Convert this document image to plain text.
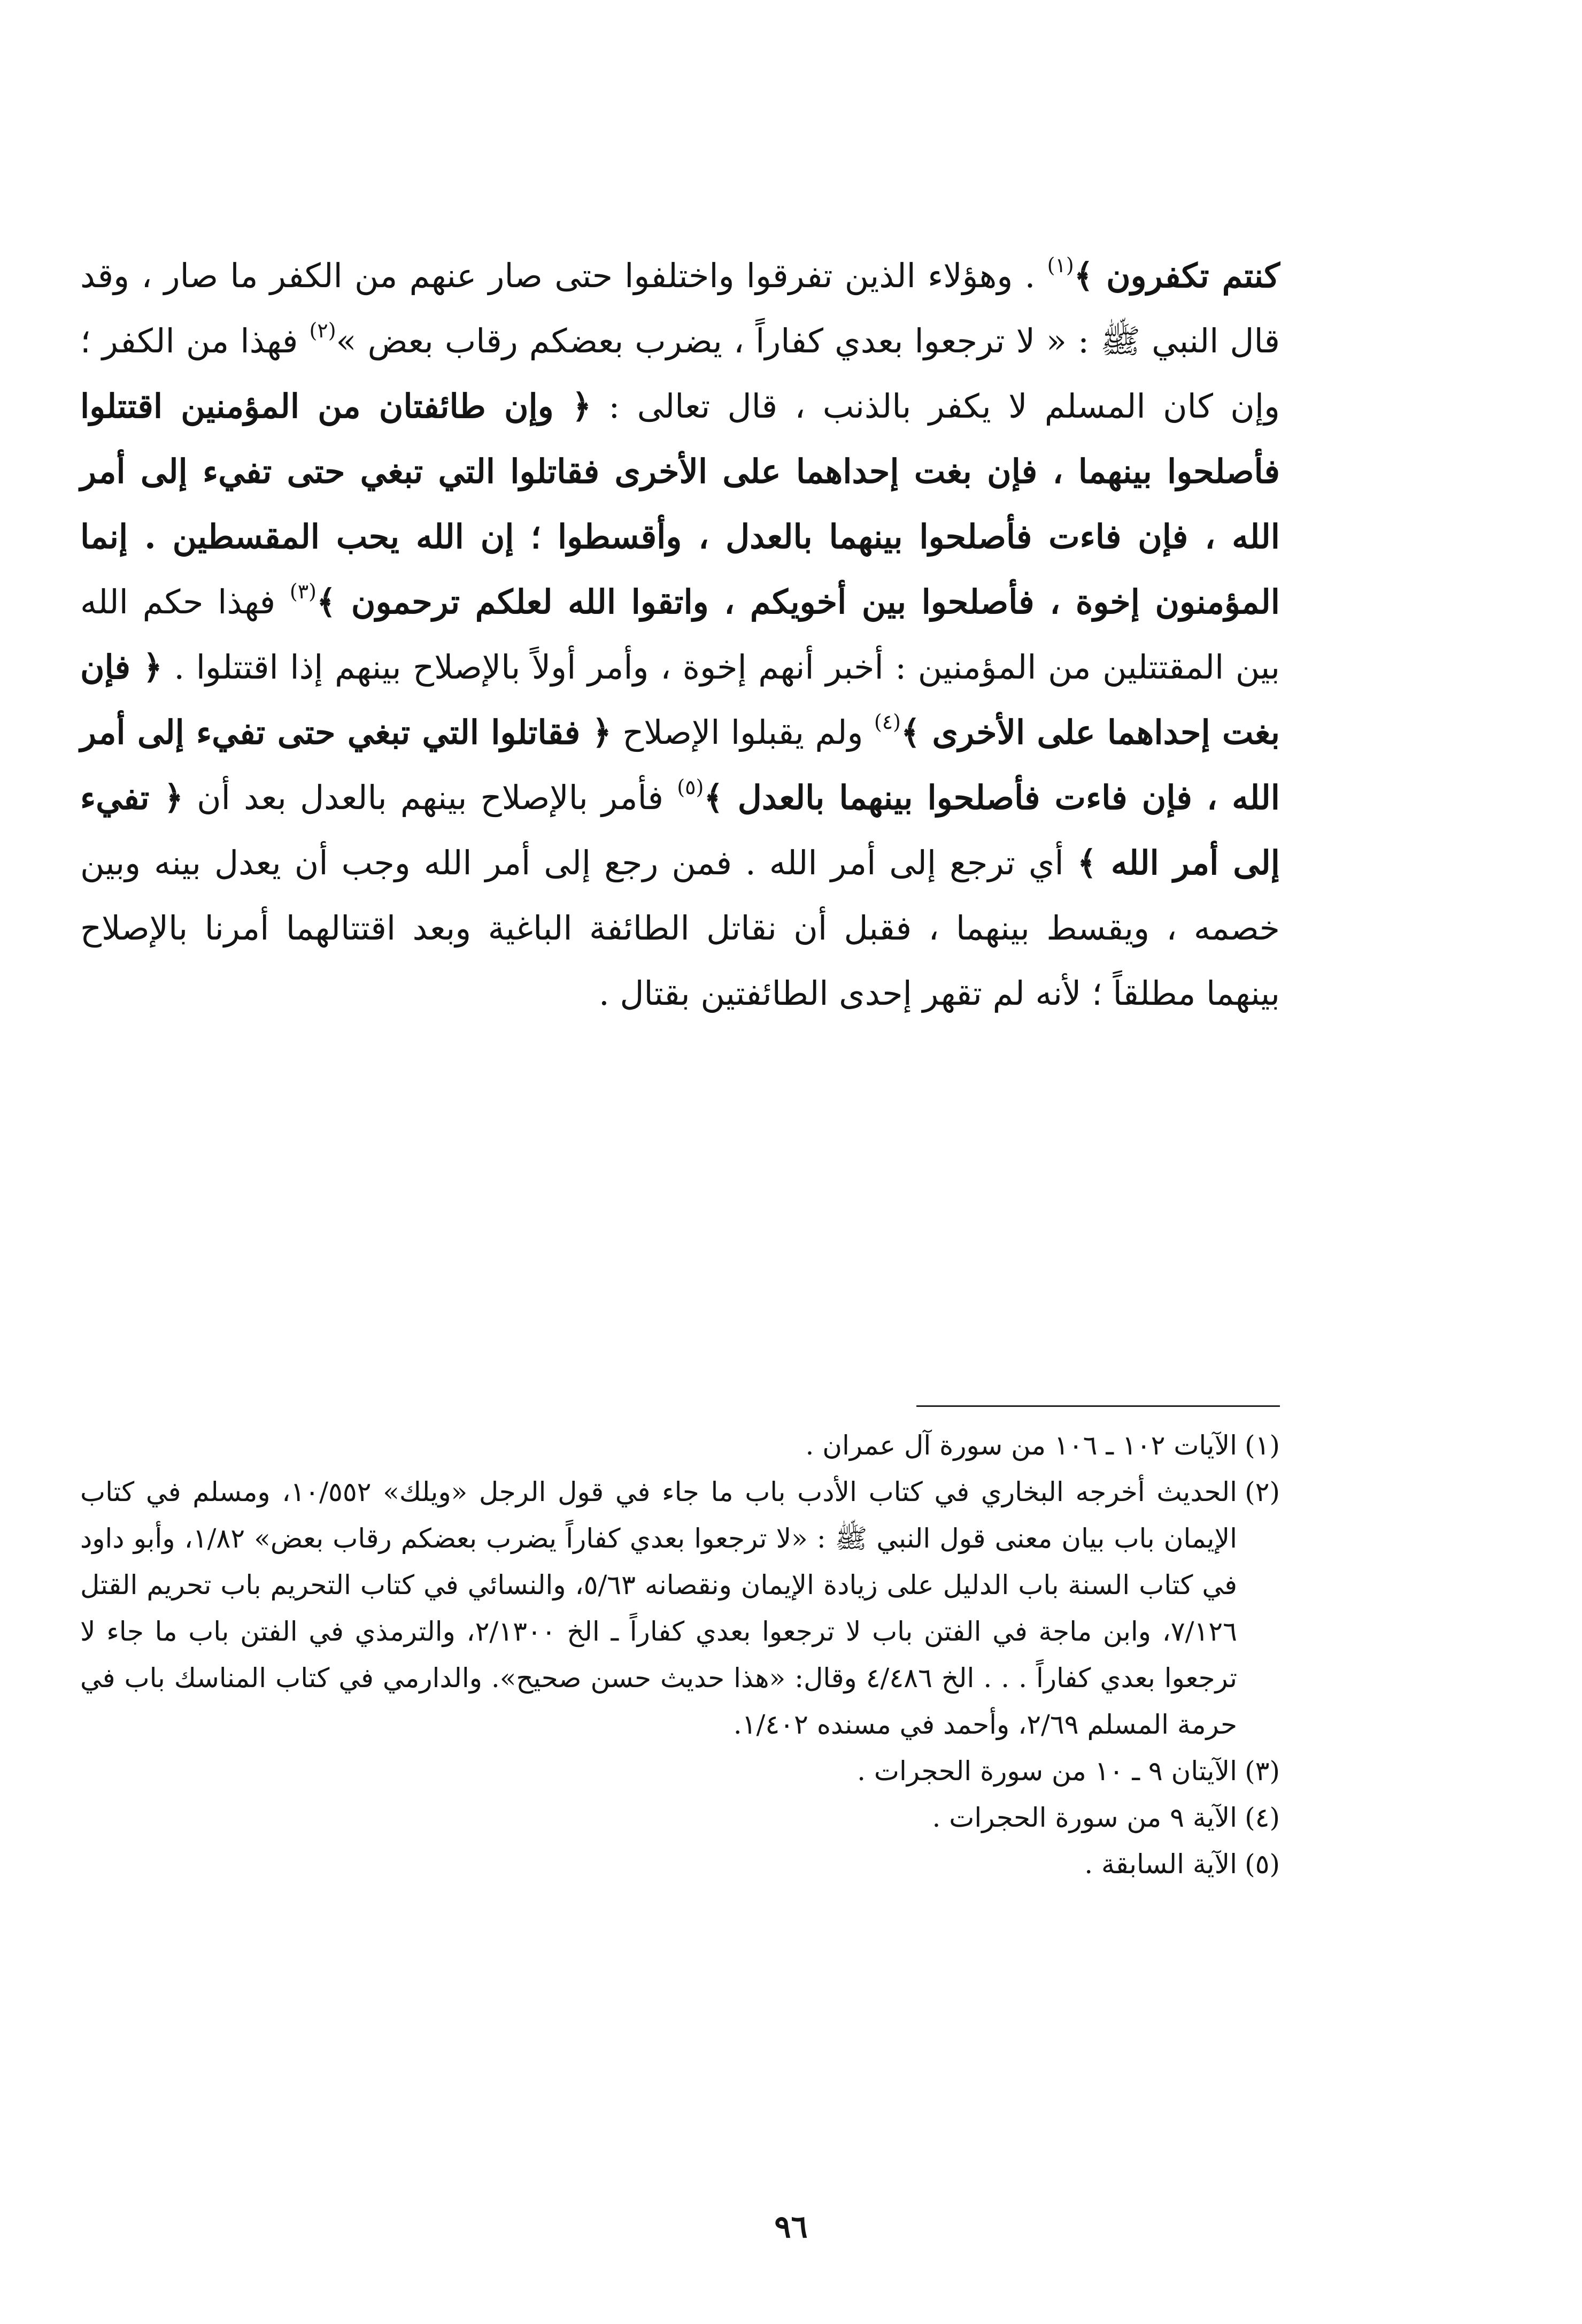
كنتم تكفرون ﴾$^{(١)}$ . وهؤلاء الذين تفرقوا واختلفوا حتى صار عنهم من الكفر ما صار ، وقد قال النبي ﷺ : « لا ترجعوا بعدي كفاراً ، يضرب بعضكم رقاب بعض »$^{(٢)}$ فهذا من الكفر ؛ وإن كان المسلم لا يكفر بالذنب ، قال تعالى : ﴿ وإن طائفتان من المؤمنين اقتتلوا فأصلحوا بينهما ، فإن بغت إحداهما على الأخرى فقاتلوا التي تبغي حتى تفيء إلى أمر الله ، فإن فاءت فأصلحوا بينهما بالعدل ، وأقسطوا ؛ إن الله يحب المقسطين . إنما المؤمنون إخوة ، فأصلحوا بين أخويكم ، واتقوا الله لعلكم ترحمون ﴾$^{(٣)}$ فهذا حكم الله بين المقتتلين من المؤمنين : أخبر أنهم إخوة ، وأمر أولاً بالإصلاح بينهم إذا اقتتلوا . ﴿ فإن بغت إحداهما على الأخرى ﴾$^{(٤)}$ ولم يقبلوا الإصلاح ﴿ فقاتلوا التي تبغي حتى تفيء إلى أمر الله ، فإن فاءت فأصلحوا بينهما بالعدل ﴾$^{(٥)}$ فأمر بالإصلاح بينهم بالعدل بعد أن ﴿ تفيء إلى أمر الله ﴾ أي ترجع إلى أمر الله . فمن رجع إلى أمر الله وجب أن يعدل بينه وبين خصمه ، ويقسط بينهما ، فقبل أن نقاتل الطائفة الباغية وبعد اقتتالهما أمرنا بالإصلاح بينهما مطلقاً ؛ لأنه لم تقهر إحدى الطائفتين بقتال .
(١)
الآيات ١٠٢ ـ ١٠٦ من سورة آل عمران .
(٢)
الحديث أخرجه البخاري في كتاب الأدب باب ما جاء في قول الرجل «ويلك» ١٠/٥٥٢، ومسلم في كتاب الإيمان باب بيان معنى قول النبي ﷺ : «لا ترجعوا بعدي كفاراً يضرب بعضكم رقاب بعض» ١/٨٢، وأبو داود في كتاب السنة باب الدليل على زيادة الإيمان ونقصانه ٥/٦٣، والنسائي في كتاب التحريم باب تحريم القتل ٧/١٢٦، وابن ماجة في الفتن باب لا ترجعوا بعدي كفاراً ـ الخ ٢/١٣٠٠، والترمذي في الفتن باب ما جاء لا ترجعوا بعدي كفاراً . . . الخ ٤/٤٨٦ وقال: «هذا حديث حسن صحيح». والدارمي في كتاب المناسك باب في حرمة المسلم ٢/٦٩، وأحمد في مسنده ١/٤٠٢.
(٣)
الآيتان ٩ ـ ١٠ من سورة الحجرات .
(٤)
الآية ٩ من سورة الحجرات .
(٥)
الآية السابقة .
٩٦
